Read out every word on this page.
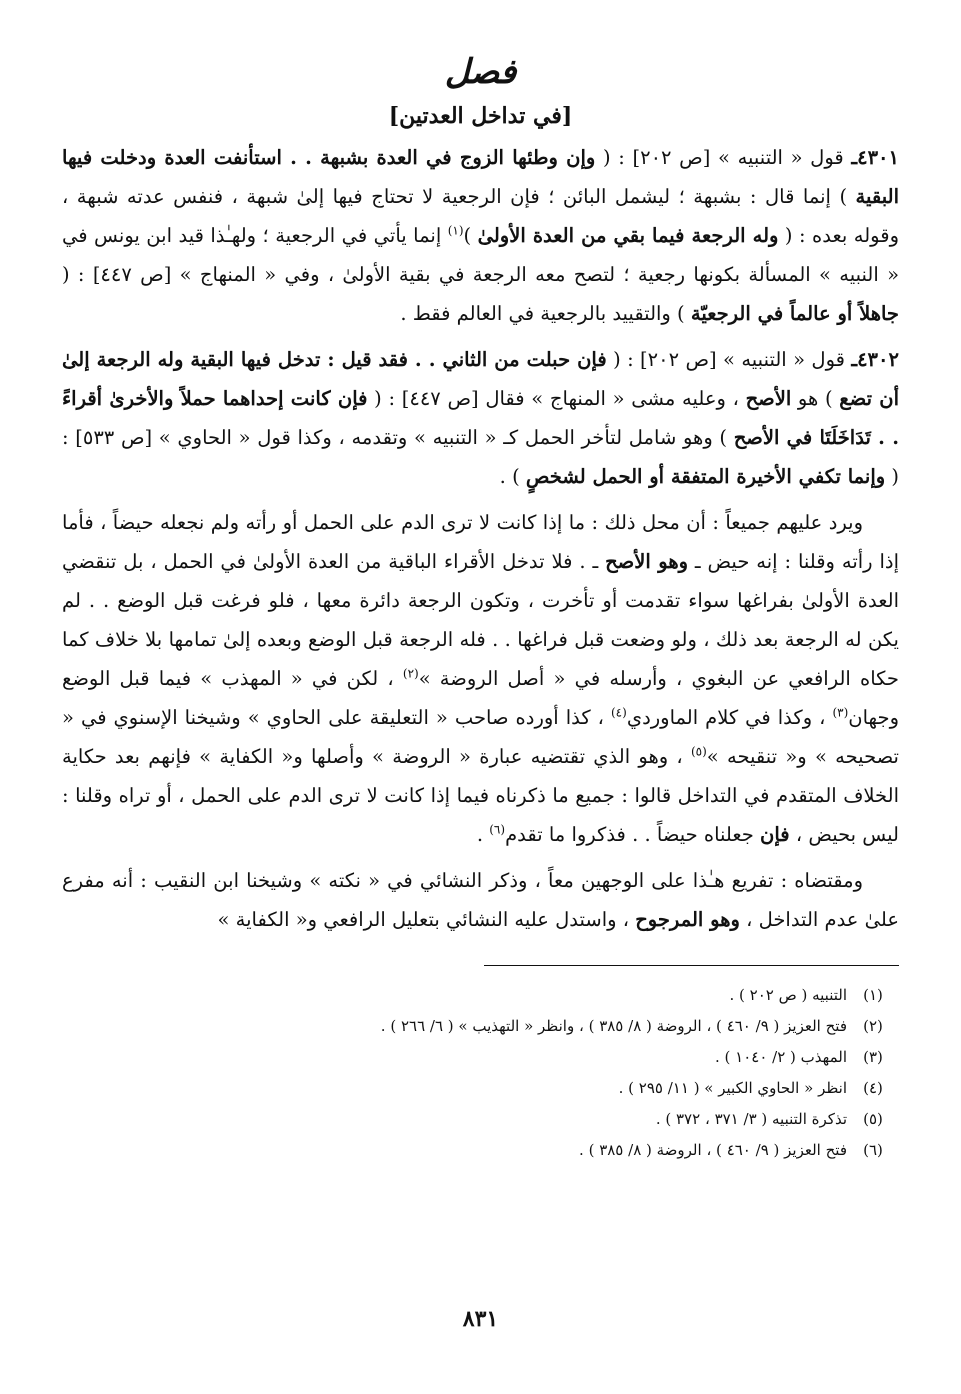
فصل
[في تداخل العدتين]

٤٣٠١ـ قول « التنبيه » [ص ٢٠٢] : ( وإن وطئها الزوج في العدة بشبهة . . استأنفت العدة ودخلت فيها البقية ) إنما قال : بشبهة ؛ ليشمل البائن ؛ فإن الرجعية لا تحتاج فيها إلىٰ شبهة ، فنفس عدته شبهة ، وقوله بعده : ( وله الرجعة فيما بقي من العدة الأولىٰ )$^{(١)}$ إنما يأتي في الرجعية ؛ ولهـٰذا قيد ابن يونس في « النبيه » المسألة بكونها رجعية ؛ لتصح معه الرجعة في بقية الأولىٰ ، وفي « المنهاج » [ص ٤٤٧] : ( جاهلاً أو عالماً في الرجعيّة ) والتقييد بالرجعية في العالم فقط .

٤٣٠٢ـ قول « التنبيه » [ص ٢٠٢] : ( فإن حبلت من الثاني . . فقد قيل : تدخل فيها البقية وله الرجعة إلىٰ أن تضع ) هو الأصح ، وعليه مشى « المنهاج » فقال [ص ٤٤٧] : ( فإن كانت إحداهما حملاً والأخرىٰ أقراءً . . تَدَاخَلَتَا في الأصح ) وهو شامل لتأخر الحمل كـ « التنبيه » وتقدمه ، وكذا قول « الحاوي » [ص ٥٣٣] : ( وإنما تكفي الأخيرة المتفقة أو الحمل لشخصٍ ) .

ويرد عليهم جميعاً : أن محل ذلك : ما إذا كانت لا ترى الدم على الحمل أو رأته ولم نجعله حيضاً ، فأما إذا رأته وقلنا : إنه حيض ـ وهو الأصح ـ . فلا تدخل الأقراء الباقية من العدة الأولىٰ في الحمل ، بل تنقضي العدة الأولىٰ بفراغها سواء تقدمت أو تأخرت ، وتكون الرجعة دائرة معها ، فلو فرغت قبل الوضع . . لم يكن له الرجعة بعد ذلك ، ولو وضعت قبل فراغها . . فله الرجعة قبل الوضع وبعده إلىٰ تمامها بلا خلاف كما حكاه الرافعي عن البغوي ، وأرسله في « أصل الروضة »$^{(٢)}$ ، لكن في « المهذب » فيما قبل الوضع وجهان$^{(٣)}$ ، وكذا في كلام الماوردي$^{(٤)}$ ، كذا أورده صاحب « التعليقة على الحاوي » وشيخنا الإسنوي في « تصحيحه » و« تنقيحه »$^{(٥)}$ ، وهو الذي تقتضيه عبارة « الروضة » وأصلها و« الكفاية » فإنهم بعد حكاية الخلاف المتقدم في التداخل قالوا : جميع ما ذكرناه فيما إذا كانت لا ترى الدم على الحمل ، أو تراه وقلنا : ليس بحيض ، فإن جعلناه حيضاً . . فذكروا ما تقدم$^{(٦)}$ .

ومقتضاه : تفريع هـٰذا على الوجهين معاً ، وذكر النشائي في « نكته » وشيخنا ابن النقيب : أنه مفرع علىٰ عدم التداخل ، وهو المرجوح ، واستدل عليه النشائي بتعليل الرافعي و« الكفاية »

(١)
التنبيه ( ص ٢٠٢ ) .
(٢)
فتح العزيز ( ٩/ ٤٦٠ ) ، الروضة ( ٨/ ٣٨٥ ) ، وانظر « التهذيب » ( ٦/ ٢٦٦ ) .
(٣)
المهذب ( ٢/ ١٠٤٠ ) .
(٤)
انظر « الحاوي الكبير » ( ١١/ ٢٩٥ ) .
(٥)
تذكرة التنبيه ( ٣/ ٣٧١ ، ٣٧٢ ) .
(٦)
فتح العزيز ( ٩/ ٤٦٠ ) ، الروضة ( ٨/ ٣٨٥ ) .
٨٣١
